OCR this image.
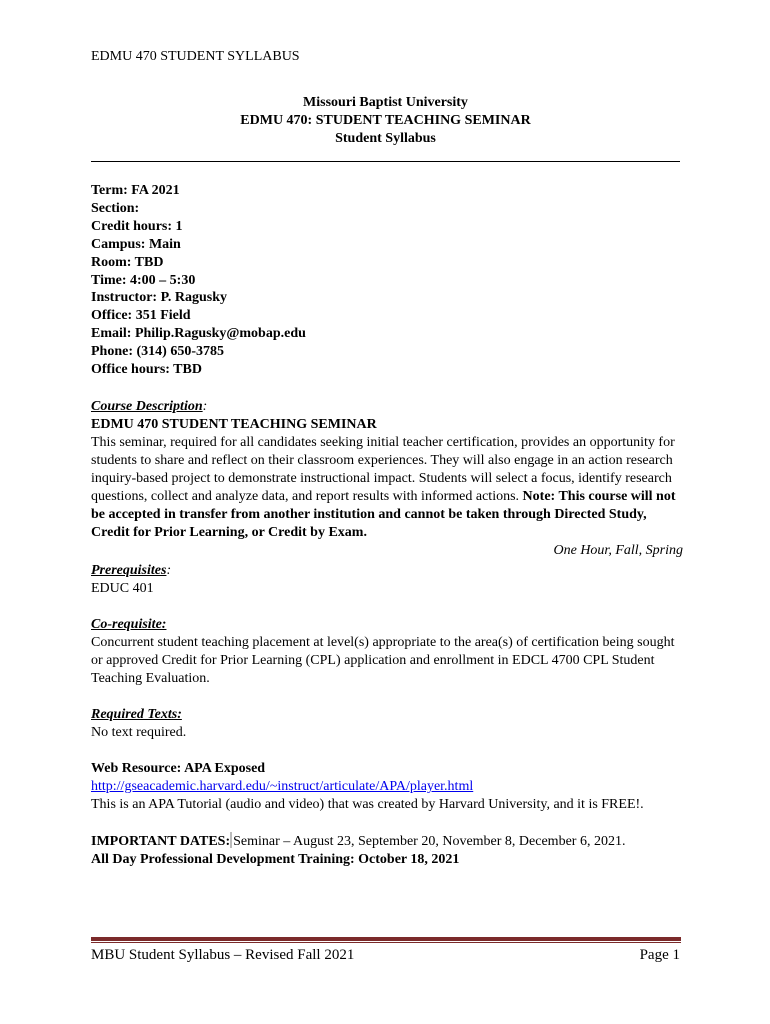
EDMU 470 STUDENT SYLLABUS
Missouri Baptist University
EDMU 470: STUDENT TEACHING SEMINAR
Student Syllabus
Term: FA 2021
Section:
Credit hours: 1
Campus: Main
Room: TBD
Time: 4:00 – 5:30
Instructor: P. Ragusky
Office: 351 Field
Email: Philip.Ragusky@mobap.edu
Phone: (314) 650-3785
Office hours: TBD
Course Description:
EDMU 470 STUDENT TEACHING SEMINAR
This seminar, required for all candidates seeking initial teacher certification, provides an opportunity for students to share and reflect on their classroom experiences. They will also engage in an action research inquiry-based project to demonstrate instructional impact. Students will select a focus, identify research questions, collect and analyze data, and report results with informed actions. Note: This course will not be accepted in transfer from another institution and cannot be taken through Directed Study, Credit for Prior Learning, or Credit by Exam.
One Hour, Fall, Spring
Prerequisites:
EDUC 401
Co-requisite:
Concurrent student teaching placement at level(s) appropriate to the area(s) of certification being sought or approved Credit for Prior Learning (CPL) application and enrollment in EDCL 4700 CPL Student Teaching Evaluation.
Required Texts:
No text required.
Web Resource: APA Exposed
http://gseacademic.harvard.edu/~instruct/articulate/APA/player.html
This is an APA Tutorial (audio and video) that was created by Harvard University, and it is FREE!.
IMPORTANT DATES: Seminar – August 23, September 20, November 8, December 6, 2021.
All Day Professional Development Training: October 18, 2021
MBU Student Syllabus – Revised Fall 2021	Page 1
